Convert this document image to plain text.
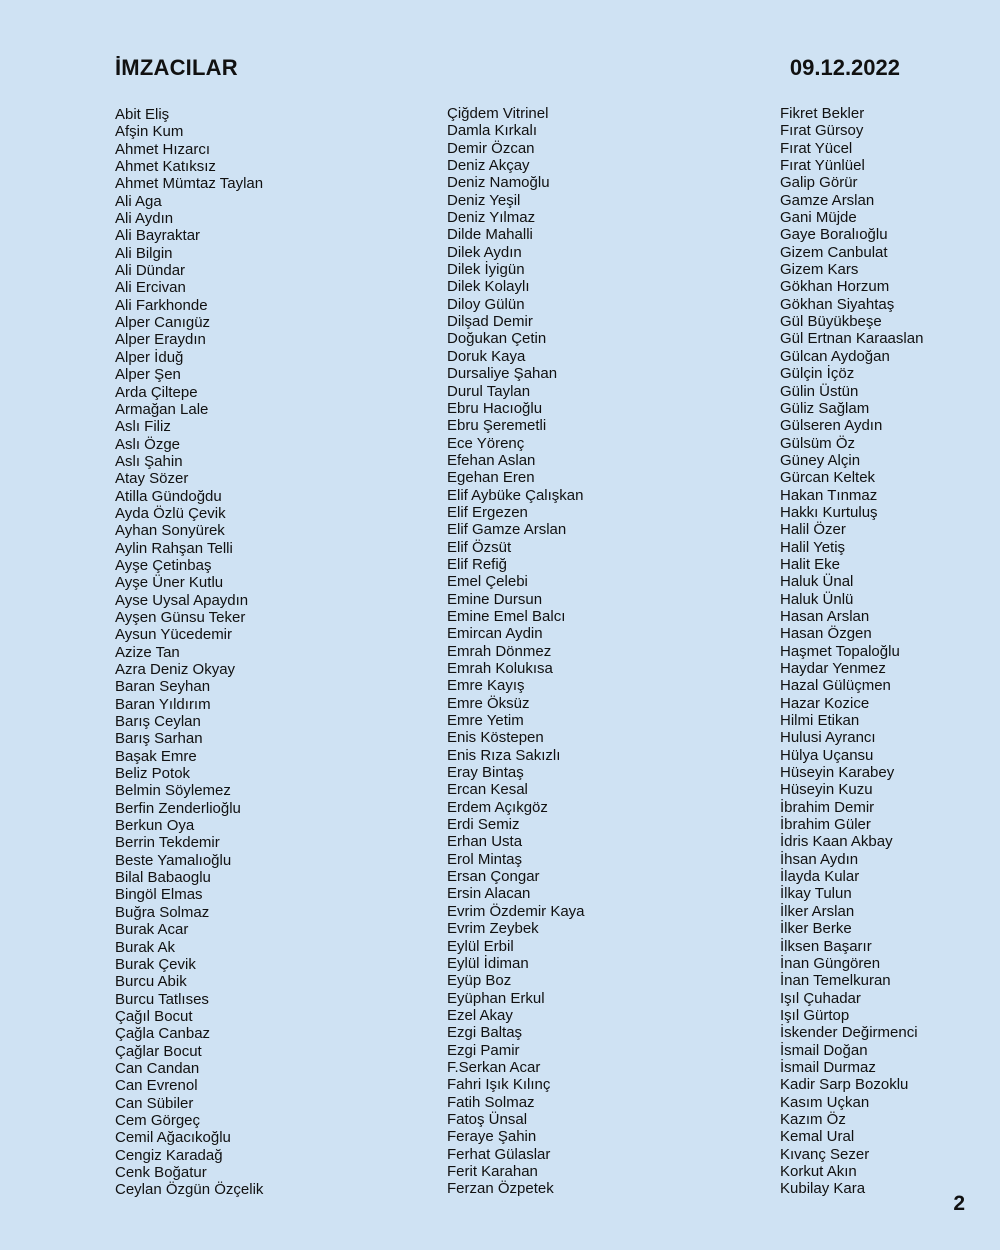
İMZACILAR	09.12.2022
Abit Eliş
Afşin Kum
Ahmet Hızarcı
Ahmet Katıksız
Ahmet Mümtaz Taylan
Ali Aga
Ali Aydın
Ali Bayraktar
Ali Bilgin
Ali Dündar
Ali Ercivan
Ali Farkhonde
Alper Canıgüz
Alper Eraydın
Alper İduğ
Alper Şen
Arda Çiltepe
Armağan Lale
Aslı Filiz
Aslı Özge
Aslı Şahin
Atay Sözer
Atilla Gündoğdu
Ayda Özlü Çevik
Ayhan Sonyürek
Aylin Rahşan Telli
Ayşe Çetinbaş
Ayşe Üner Kutlu
Ayse Uysal Apaydın
Ayşen Günsu Teker
Aysun Yücedemir
Azize Tan
Azra Deniz Okyay
Baran Seyhan
Baran Yıldırım
Barış Ceylan
Barış Sarhan
Başak Emre
Beliz Potok
Belmin Söylemez
Berfin Zenderlioğlu
Berkun Oya
Berrin Tekdemir
Beste Yamalıoğlu
Bilal Babaoglu
Bingöl Elmas
Buğra Solmaz
Burak Acar
Burak Ak
Burak Çevik
Burcu Abik
Burcu Tatlıses
Çağıl Bocut
Çağla Canbaz
Çağlar Bocut
Can Candan
Can Evrenol
Can Sübiler
Cem Görgeç
Cemil Ağacıkoğlu
Cengiz Karadağ
Cenk Boğatur
Ceylan Özgün Özçelik
Çiğdem Vitrinel
Damla Kırkalı
Demir Özcan
Deniz Akçay
Deniz Namoğlu
Deniz Yeşil
Deniz Yılmaz
Dilde Mahalli
Dilek Aydın
Dilek İyigün
Dilek Kolaylı
Diloy Gülün
Dilşad Demir
Doğukan Çetin
Doruk Kaya
Dursaliye Şahan
Durul Taylan
Ebru Hacıoğlu
Ebru Şeremetli
Ece Yörenç
Efehan Aslan
Egehan Eren
Elif Aybüke Çalışkan
Elif Ergezen
Elif Gamze Arslan
Elif Özsüt
Elif Refiğ
Emel Çelebi
Emine Dursun
Emine Emel Balcı
Emircan Aydin
Emrah Dönmez
Emrah Kolukısa
Emre Kayış
Emre Öksüz
Emre Yetim
Enis Köstepen
Enis Rıza Sakızlı
Eray Bintaş
Ercan Kesal
Erdem Açıkgöz
Erdi Semiz
Erhan Usta
Erol Mintaş
Ersan Çongar
Ersin Alacan
Evrim Özdemir Kaya
Evrim Zeybek
Eylül Erbil
Eylül İdiman
Eyüp Boz
Eyüphan Erkul
Ezel Akay
Ezgi Baltaş
Ezgi Pamir
F.Serkan Acar
Fahri Işık Kılınç
Fatih Solmaz
Fatoş Ünsal
Feraye Şahin
Ferhat Gülaslar
Ferit Karahan
Ferzan Özpetek
Fikret Bekler
Fırat Gürsoy
Fırat Yücel
Fırat Yünlüel
Galip Görür
Gamze Arslan
Gani Müjde
Gaye Boralıoğlu
Gizem Canbulat
Gizem Kars
Gökhan Horzum
Gökhan Siyahtaş
Gül Büyükbeşe
Gül Ertnan Karaaslan
Gülcan Aydoğan
Gülçin İçöz
Gülin Üstün
Güliz Sağlam
Gülseren Aydın
Gülsüm Öz
Güney Alçin
Gürcan Keltek
Hakan Tınmaz
Hakkı Kurtuluş
Halil Özer
Halil Yetiş
Halit Eke
Haluk Ünal
Haluk Ünlü
Hasan Arslan
Hasan Özgen
Haşmet Topaloğlu
Haydar Yenmez
Hazal Gülüçmen
Hazar Kozice
Hilmi Etikan
Hulusi Ayrancı
Hülya Uçansu
Hüseyin Karabey
Hüseyin Kuzu
İbrahim Demir
İbrahim Güler
İdris Kaan Akbay
İhsan Aydın
İlayda Kular
İlkay Tulun
İlker Arslan
İlker Berke
İlksen Başarır
İnan Güngören
İnan Temelkuran
Işıl Çuhadar
Işıl Gürtop
İskender Değirmenci
İsmail Doğan
İsmail Durmaz
Kadir Sarp Bozoklu
Kasım Uçkan
Kazım Öz
Kemal Ural
Kıvanç Sezer
Korkut Akın
Kubilay Kara
2
